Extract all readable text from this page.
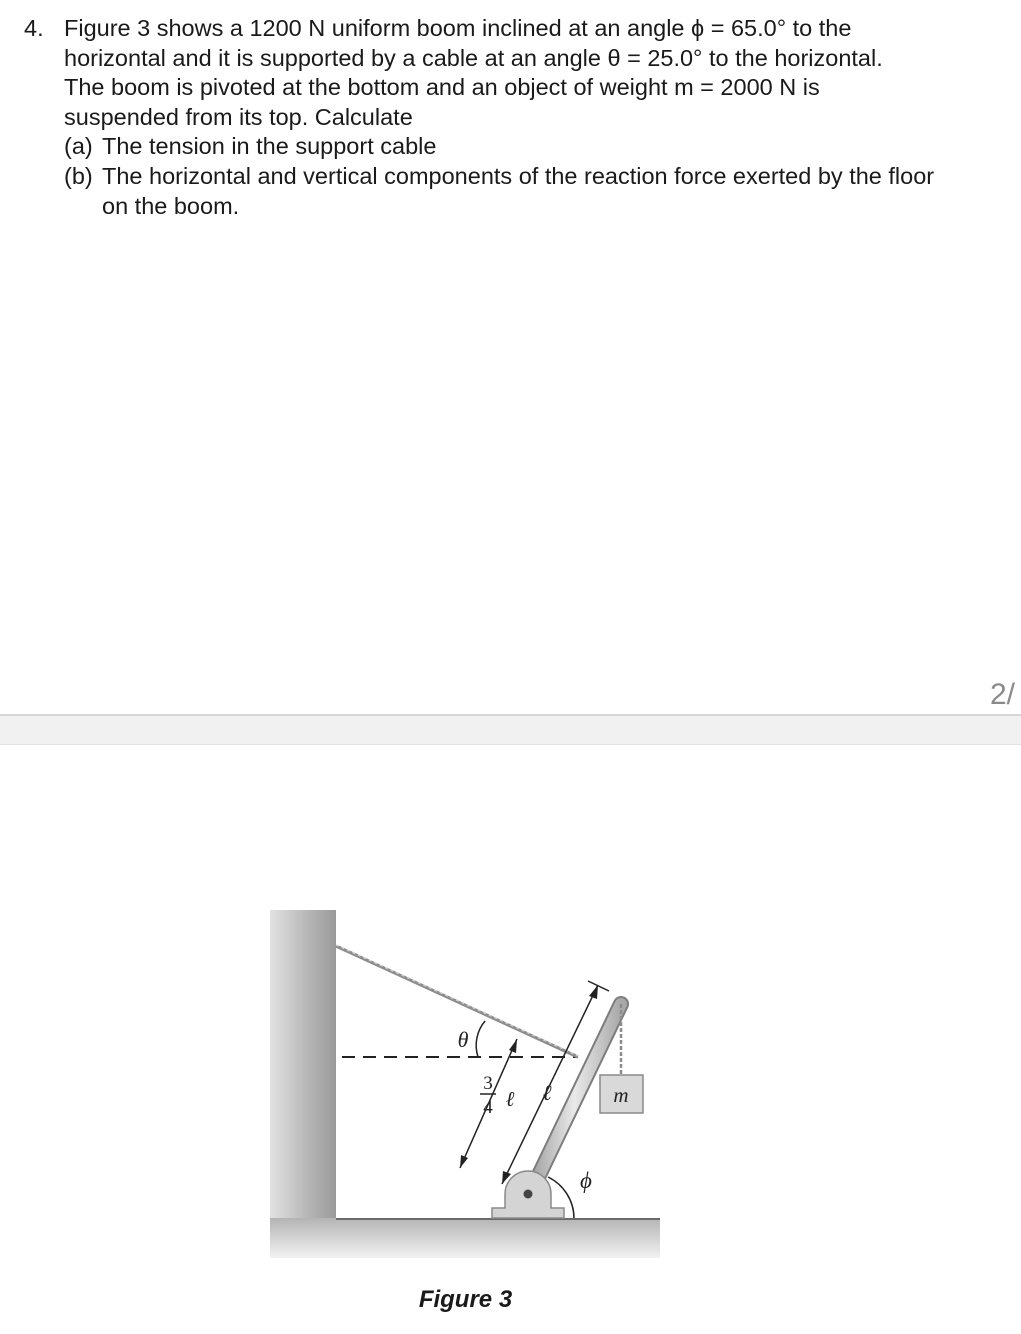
4. Figure 3 shows a 1200 N uniform boom inclined at an angle ϕ = 65.0° to the
horizontal and it is supported by a cable at an angle θ = 25.0° to the horizontal.
The boom is pivoted at the bottom and an object of weight m = 2000 N is
suspended from its top. Calculate

(a) The tension in the support cable
(b) The horizontal and vertical components of the reaction force exerted by the floor on the boom.
2/
m
ϕ
θ
ℓ
3
4 ℓ
Figure 3
